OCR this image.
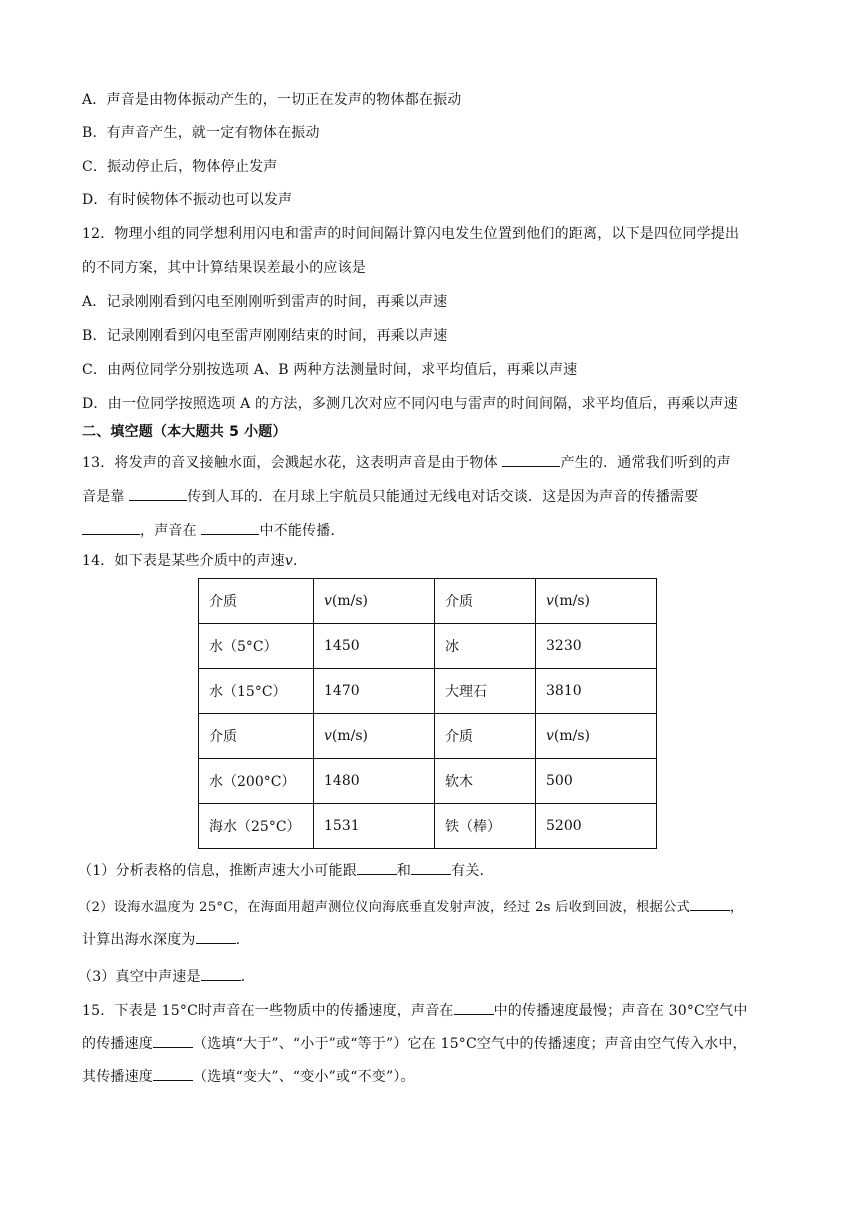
A．声音是由物体振动产生的，一切正在发声的物体都在振动
B．有声音产生，就一定有物体在振动
C．振动停止后，物体停止发声
D．有时候物体不振动也可以发声
12．物理小组的同学想利用闪电和雷声的时间间隔计算闪电发生位置到他们的距离，以下是四位同学提出
的不同方案，其中计算结果误差最小的应该是
A．记录刚刚看到闪电至刚刚听到雷声的时间，再乘以声速
B．记录刚刚看到闪电至雷声刚刚结束的时间，再乘以声速
C．由两位同学分别按选项 A、B 两种方法测量时间，求平均值后，再乘以声速
D．由一位同学按照选项 A 的方法，多测几次对应不同闪电与雷声的时间间隔，求平均值后，再乘以声速
二、填空题（本大题共 5 小题）
13．将发声的音叉接触水面，会溅起水花，这表明声音是由于物体	产生的．通常我们听到的声
音是靠	传到人耳的．在月球上宇航员只能通过无线电对话交谈．这是因为声音的传播需要
，声音在	中不能传播．
14．如下表是某些介质中的声速v．
介质	v(m/s)	介质	v(m/s)
水（5°C）	1450	冰	3230
水（15°C）	1470	大理石	3810
介质	v(m/s)	介质	v(m/s)
水（200°C）	1480	软木	500
海水（25°C）	1531	铁（棒）	5200
（1）分析表格的信息，推断声速大小可能跟	和	有关.
（2）设海水温度为 25°C，在海面用超声测位仪向海底垂直发射声波，经过 2s 后收到回波，根据公式	，
计算出海水深度为	.
（3）真空中声速是	.
15．下表是 15°C时声音在一些物质中的传播速度，声音在	中的传播速度最慢；声音在 30°C空气中
的传播速度	（选填“大于”、“小于”或“等于”）它在 15°C空气中的传播速度；声音由空气传入水中，
其传播速度	（选填“变大”、“变小”或“不变”）。
